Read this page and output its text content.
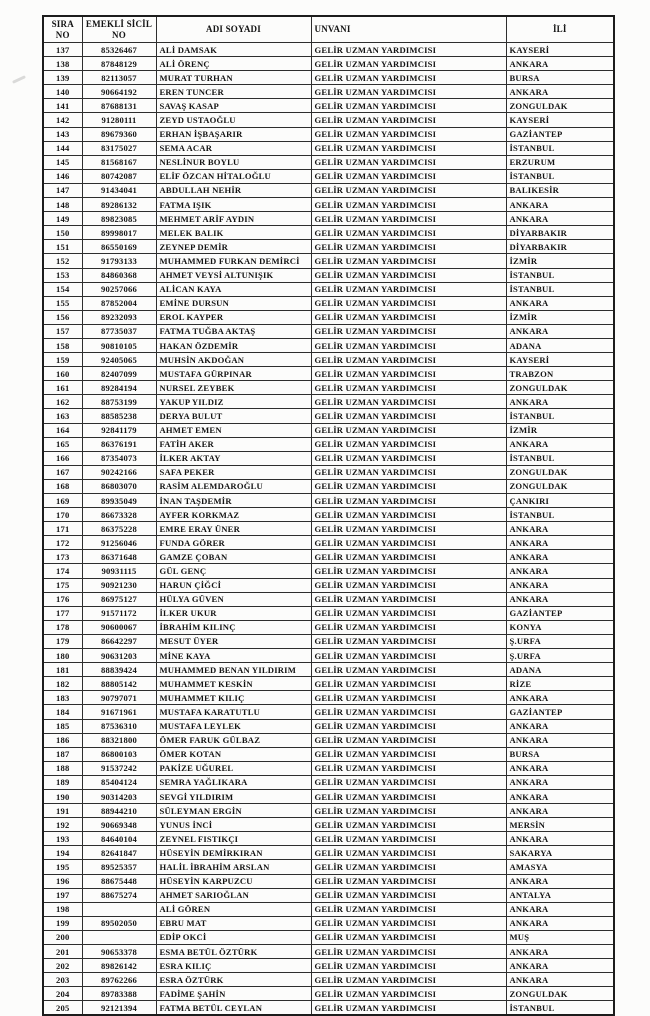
SIRA NO	EMEKLİ SİCİL NO	ADI SOYADI	UNVANI	İLİ
137	85326467	ALİ DAMSAK	GELİR UZMAN YARDIMCISI	KAYSERİ
138	87848129	ALİ ÖRENÇ	GELİR UZMAN YARDIMCISI	ANKARA
139	82113057	MURAT TURHAN	GELİR UZMAN YARDIMCISI	BURSA
140	90664192	EREN TUNCER	GELİR UZMAN YARDIMCISI	ANKARA
141	87688131	SAVAŞ KASAP	GELİR UZMAN YARDIMCISI	ZONGULDAK
142	91280111	ZEYD USTAOĞLU	GELİR UZMAN YARDIMCISI	KAYSERİ
143	89679360	ERHAN İŞBAŞARIR	GELİR UZMAN YARDIMCISI	GAZİANTEP
144	83175027	SEMA ACAR	GELİR UZMAN YARDIMCISI	İSTANBUL
145	81568167	NESLİNUR BOYLU	GELİR UZMAN YARDIMCISI	ERZURUM
146	80742087	ELİF ÖZCAN HİTALOĞLU	GELİR UZMAN YARDIMCISI	İSTANBUL
147	91434041	ABDULLAH NEHİR	GELİR UZMAN YARDIMCISI	BALIKESİR
148	89286132	FATMA IŞIK	GELİR UZMAN YARDIMCISI	ANKARA
149	89823085	MEHMET ARİF AYDIN	GELİR UZMAN YARDIMCISI	ANKARA
150	89998017	MELEK BALIK	GELİR UZMAN YARDIMCISI	DİYARBAKIR
151	86550169	ZEYNEP DEMİR	GELİR UZMAN YARDIMCISI	DİYARBAKIR
152	91793133	MUHAMMED FURKAN DEMİRCİ	GELİR UZMAN YARDIMCISI	İZMİR
153	84860368	AHMET VEYSİ ALTUNIŞIK	GELİR UZMAN YARDIMCISI	İSTANBUL
154	90257066	ALİCAN KAYA	GELİR UZMAN YARDIMCISI	İSTANBUL
155	87852004	EMİNE DURSUN	GELİR UZMAN YARDIMCISI	ANKARA
156	89232093	EROL KAYPER	GELİR UZMAN YARDIMCISI	İZMİR
157	87735037	FATMA TUĞBA AKTAŞ	GELİR UZMAN YARDIMCISI	ANKARA
158	90810105	HAKAN ÖZDEMİR	GELİR UZMAN YARDIMCISI	ADANA
159	92405065	MUHSİN AKDOĞAN	GELİR UZMAN YARDIMCISI	KAYSERİ
160	82407099	MUSTAFA GÜRPINAR	GELİR UZMAN YARDIMCISI	TRABZON
161	89284194	NURSEL ZEYBEK	GELİR UZMAN YARDIMCISI	ZONGULDAK
162	88753199	YAKUP YILDIZ	GELİR UZMAN YARDIMCISI	ANKARA
163	88585238	DERYA BULUT	GELİR UZMAN YARDIMCISI	İSTANBUL
164	92841179	AHMET EMEN	GELİR UZMAN YARDIMCISI	İZMİR
165	86376191	FATİH AKER	GELİR UZMAN YARDIMCISI	ANKARA
166	87354073	İLKER AKTAY	GELİR UZMAN YARDIMCISI	İSTANBUL
167	90242166	SAFA PEKER	GELİR UZMAN YARDIMCISI	ZONGULDAK
168	86803070	RASİM ALEMDAROĞLU	GELİR UZMAN YARDIMCISI	ZONGULDAK
169	89935049	İNAN TAŞDEMİR	GELİR UZMAN YARDIMCISI	ÇANKIRI
170	86673328	AYFER KORKMAZ	GELİR UZMAN YARDIMCISI	İSTANBUL
171	86375228	EMRE ERAY ÜNER	GELİR UZMAN YARDIMCISI	ANKARA
172	91256046	FUNDA GÖRER	GELİR UZMAN YARDIMCISI	ANKARA
173	86371648	GAMZE ÇOBAN	GELİR UZMAN YARDIMCISI	ANKARA
174	90931115	GÜL GENÇ	GELİR UZMAN YARDIMCISI	ANKARA
175	90921230	HARUN ÇİĞCİ	GELİR UZMAN YARDIMCISI	ANKARA
176	86975127	HÜLYA GÜVEN	GELİR UZMAN YARDIMCISI	ANKARA
177	91571172	İLKER UKUR	GELİR UZMAN YARDIMCISI	GAZİANTEP
178	90600067	İBRAHİM KILINÇ	GELİR UZMAN YARDIMCISI	KONYA
179	86642297	MESUT ÜYER	GELİR UZMAN YARDIMCISI	Ş.URFA
180	90631203	MİNE KAYA	GELİR UZMAN YARDIMCISI	Ş.URFA
181	88839424	MUHAMMED BENAN YILDIRIM	GELİR UZMAN YARDIMCISI	ADANA
182	88805142	MUHAMMET KESKİN	GELİR UZMAN YARDIMCISI	RİZE
183	90797071	MUHAMMET KILIÇ	GELİR UZMAN YARDIMCISI	ANKARA
184	91671961	MUSTAFA KARATUTLU	GELİR UZMAN YARDIMCISI	GAZİANTEP
185	87536310	MUSTAFA LEYLEK	GELİR UZMAN YARDIMCISI	ANKARA
186	88321800	ÖMER FARUK GÜLBAZ	GELİR UZMAN YARDIMCISI	ANKARA
187	86800103	ÖMER KOTAN	GELİR UZMAN YARDIMCISI	BURSA
188	91537242	PAKİZE UĞUREL	GELİR UZMAN YARDIMCISI	ANKARA
189	85404124	SEMRA YAĞLIKARA	GELİR UZMAN YARDIMCISI	ANKARA
190	90314203	SEVGİ YILDIRIM	GELİR UZMAN YARDIMCISI	ANKARA
191	88944210	SÜLEYMAN ERGİN	GELİR UZMAN YARDIMCISI	ANKARA
192	90669348	YUNUS İNCİ	GELİR UZMAN YARDIMCISI	MERSİN
193	84640104	ZEYNEL FISTIKÇI	GELİR UZMAN YARDIMCISI	ANKARA
194	82641847	HÜSEYİN DEMİRKIRAN	GELİR UZMAN YARDIMCISI	SAKARYA
195	89525357	HALİL İBRAHİM ARSLAN	GELİR UZMAN YARDIMCISI	AMASYA
196	88675448	HÜSEYİN KARPUZCU	GELİR UZMAN YARDIMCISI	ANKARA
197	88675274	AHMET SARIOĞLAN	GELİR UZMAN YARDIMCISI	ANTALYA
198		ALİ GÖREN	GELİR UZMAN YARDIMCISI	ANKARA
199	89502050	EBRU MAT	GELİR UZMAN YARDIMCISI	ANKARA
200		EDİP OKCİ	GELİR UZMAN YARDIMCISI	MUŞ
201	90653378	ESMA BETÜL ÖZTÜRK	GELİR UZMAN YARDIMCISI	ANKARA
202	89826142	ESRA KILIÇ	GELİR UZMAN YARDIMCISI	ANKARA
203	89762266	ESRA ÖZTÜRK	GELİR UZMAN YARDIMCISI	ANKARA
204	89783388	FADİME ŞAHİN	GELİR UZMAN YARDIMCISI	ZONGULDAK
205	92121394	FATMA BETÜL CEYLAN	GELİR UZMAN YARDIMCISI	İSTANBUL
